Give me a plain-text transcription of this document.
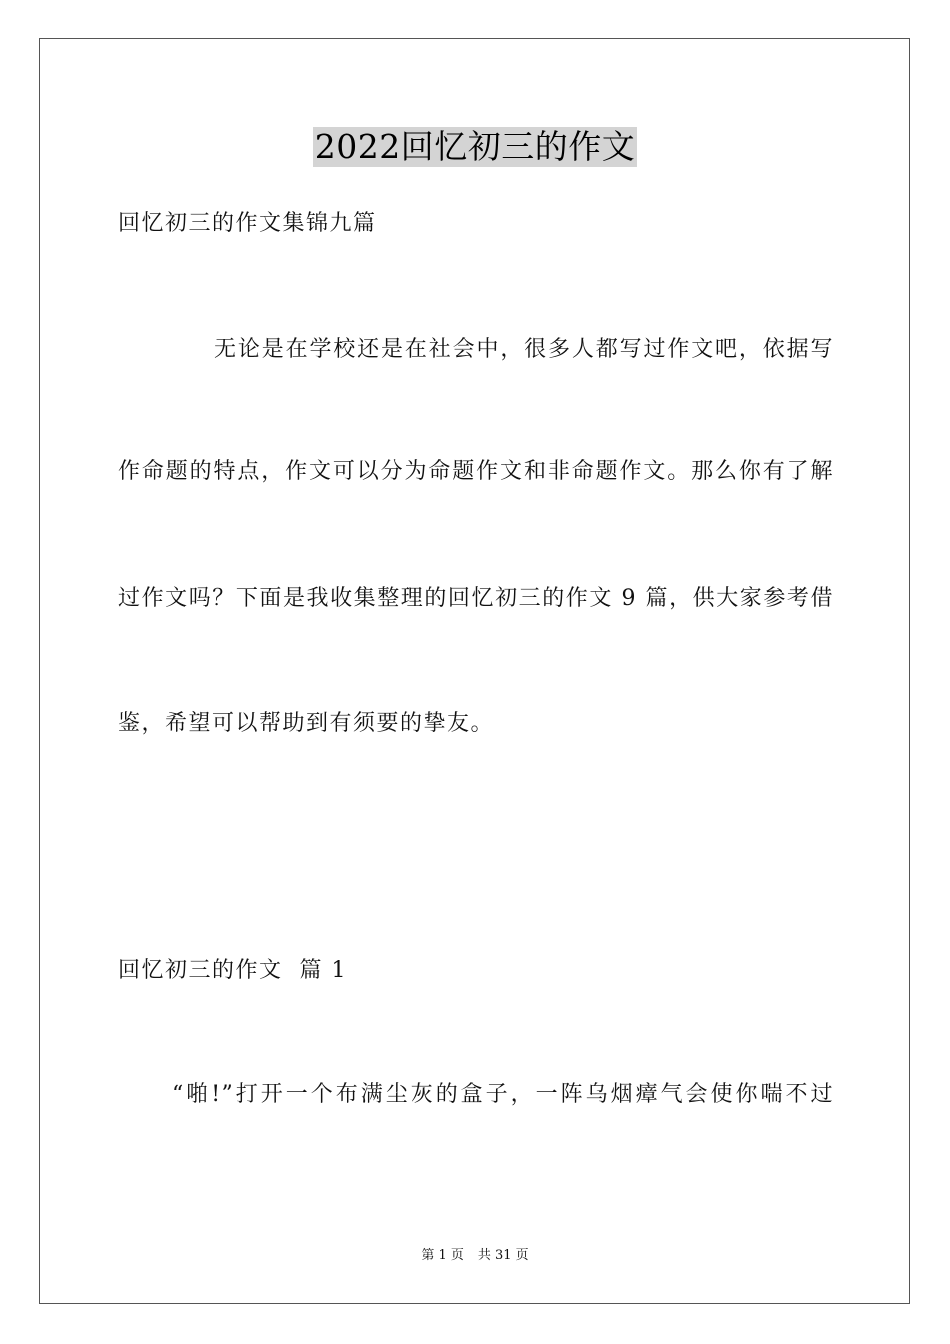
2022回忆初三的作文
回忆初三的作文集锦九篇
无论是在学校还是在社会中，很多人都写过作文吧，依据写
作命题的特点，作文可以分为命题作文和非命题作文。那么你有了解
过作文吗？下面是我收集整理的回忆初三的作文 9 篇，供大家参考借
鉴，希望可以帮助到有须要的挚友。
回忆初三的作文  篇 1
“啪!”打开一个布满尘灰的盒子，一阵乌烟瘴气会使你喘不过
第 1 页 共 31 页
